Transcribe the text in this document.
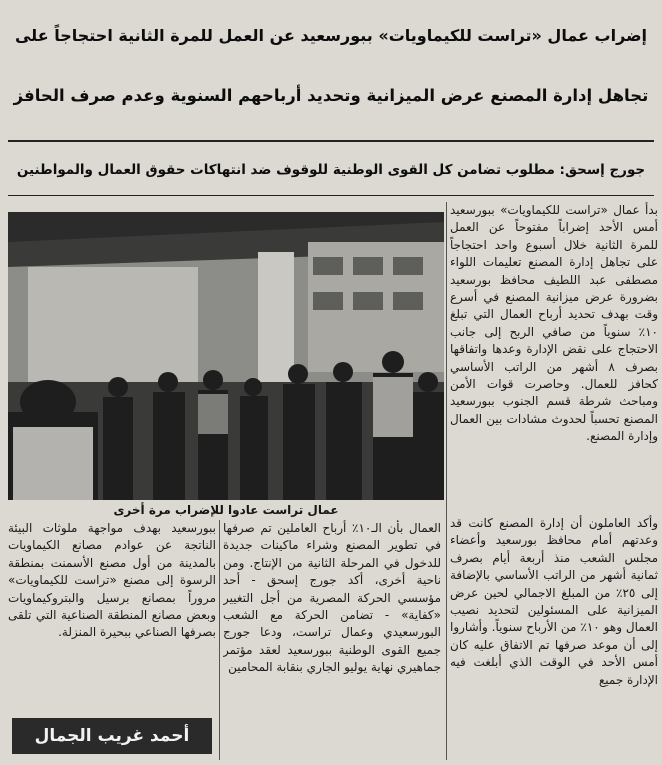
إضراب عمال «تراست للكيماويات» ببورسعيد عن العمل للمرة الثانية احتجاجاً على
تجاهل إدارة المصنع عرض الميزانية وتحديد أرباحهم السنوية وعدم صرف الحافز
جورج إسحق: مطلوب تضامن كل القوى الوطنية للوقوف ضد انتهاكات حقوق العمال والمواطنين
عمال تراست عادوا للإضراب مرة أخرى

بدأ عمال «تراست للكيماويات» ببورسعيد أمس الأحد إضراباً مفتوحاً عن العمل للمرة الثانية خلال أسبوع واحد احتجاجاً على تجاهل إدارة المصنع تعليمات اللواء مصطفى عبد اللطيف محافظ بورسعيد بضرورة عرض ميزانية المصنع في أسرع وقت بهدف تحديد أرباح العمال التي تبلغ ١٠٪ سنوياً من صافي الربح إلى جانب الاحتجاج على نقض الإدارة وعدها واتفاقها بصرف ٨ أشهر من الراتب الأساسي كحافز للعمال. وحاصرت قوات الأمن ومباحث شرطة قسم الجنوب ببورسعيد المصنع تحسباً لحدوث مشادات بين العمال وإدارة المصنع.

وأكد العاملون أن إدارة المصنع كانت قد وعدتهم أمام محافظ بورسعيد وأعضاء مجلس الشعب منذ أربعة أيام بصرف ثمانية أشهر من الراتب الأساسي بالإضافة إلى ٢٥٪ من المبلغ الاجمالي لحين عرض الميزانية على المسئولين لتحديد نصيب العمال وهو ١٠٪ من الأرباح سنوياً. وأشاروا إلى أن موعد صرفها تم الاتفاق عليه كان أمس الأحد في الوقت الذي أبلغت فيه الإدارة جميع

العمال بأن الـ١٠٪ أرباح العاملين تم صرفها في تطوير المصنع وشراء ماكينات جديدة للدخول في المرحلة الثانية من الإنتاج. ومن ناحية أخرى، أكد جورج إسحق - أحد مؤسسي الحركة المصرية من أجل التغيير «كفاية» - تضامن الحركة مع الشعب البورسعيدي وعمال تراست، ودعا جورج جميع القوى الوطنية ببورسعيد لعقد مؤتمر جماهيري نهاية يوليو الجاري بنقابة المحامين

ببورسعيد بهدف مواجهة ملوثات البيئة الناتجة عن عوادم مصانع الكيماويات بالمدينة من أول مصنع الأسمنت بمنطقة الرسوة إلى مصنع «تراست للكيماويات» مروراً بمصانع برسيل والبتروكيماويات وبعض مصانع المنطقة الصناعية التي تلقى بصرفها الصناعي ببحيرة المنزلة.

أحمد غريب الجمال
